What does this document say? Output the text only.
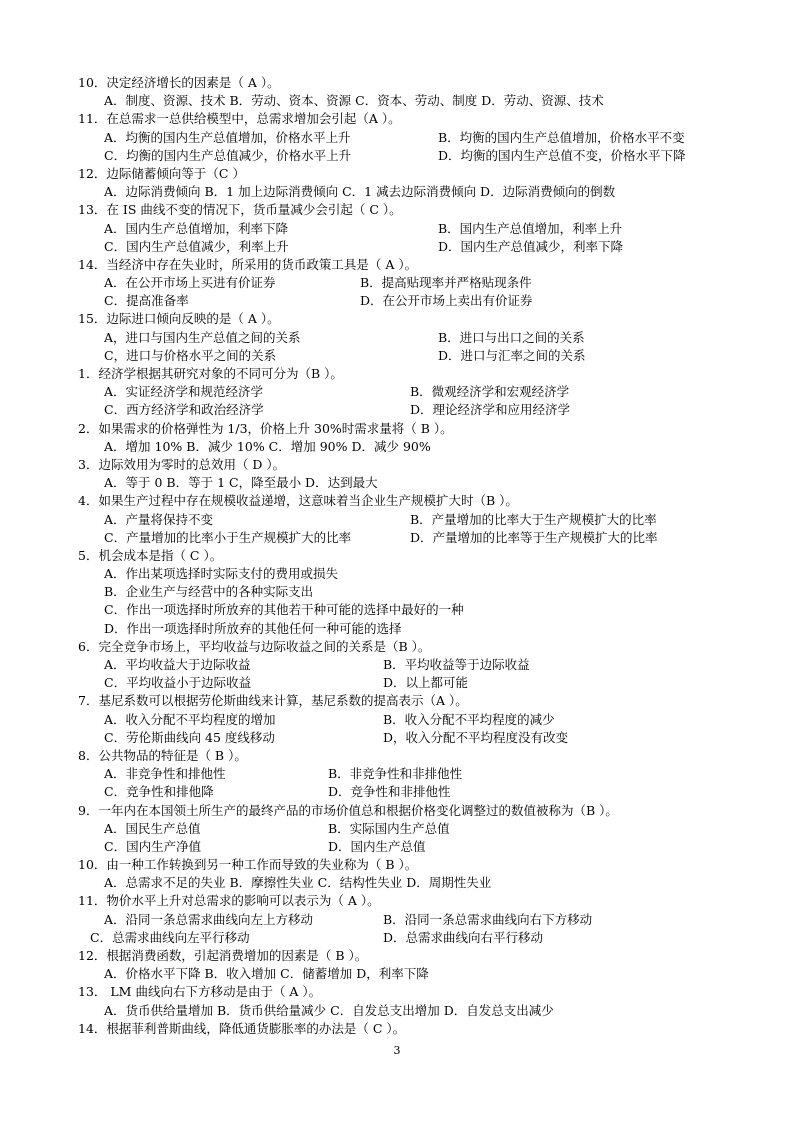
10．决定经济增长的因素是（ A ）。
A．制度、资源、技术 B．劳动、资本、资源 C．资本、劳动、制度 D．劳动、资源、技术
11．在总需求一总供给模型中，总需求增加会引起（A ）。
A．均衡的国内生产总值增加，价格水平上升	B．均衡的国内生产总值增加，价格水平不变
C．均衡的国内生产总值减少，价格水平上升	D．均衡的国内生产总值不变，价格水平下降
12．边际储蓄倾向等于（C ）
A．边际消费倾向 B．1 加上边际消费倾向 C．1 减去边际消费倾向 D．边际消费倾向的倒数
13．在 IS 曲线不变的情况下，货币量减少会引起（ C ）。
A．国内生产总值增加，利率下降	B．国内生产总值增加，利率上升
C．国内生产总值减少，利率上升	D．国内生产总值减少，利率下降
14．当经济中存在失业时，所采用的货币政策工具是（ A ）。
A．在公开市场上买进有价证券	B．提高贴现率并严格贴现条件
C．提高准备率	D．在公开市场上卖出有价证券
15．边际进口倾向反映的是（ A ）。
A，进口与国内生产总值之间的关系	B．进口与出口之间的关系
C，进口与价格水平之间的关系	D．进口与汇率之间的关系
1．经济学根据其研究对象的不同可分为（B ）。
A．实证经济学和规范经济学	B．微观经济学和宏观经济学
C．西方经济学和政治经济学	D．理论经济学和应用经济学
2．如果需求的价格弹性为 1/3，价格上升 30%时需求量将（ B ）。
A．增加 10% B．减少 10% C．增加 90% D．减少 90%
3．边际效用为零时的总效用（ D ）。
A．等于 0 B．等于 1 C，降至最小 D．达到最大
4．如果生产过程中存在规模收益递增，这意味着当企业生产规模扩大时（B ）。
A．产量将保持不变	B．产量增加的比率大于生产规模扩大的比率
C．产量增加的比率小于生产规模扩大的比率	D．产量增加的比率等于生产规模扩大的比率
5．机会成本是指（ C ）。
A．作出某项选择时实际支付的费用或损失
B．企业生产与经营中的各种实际支出
C．作出一项选择时所放弃的其他若干种可能的选择中最好的一种
D．作出一项选择时所放弃的其他任何一种可能的选择
6．完全竞争市场上，平均收益与边际收益之间的关系是（B ）。
A．平均收益大于边际收益	B．平均收益等于边际收益
C．平均收益小于边际收益	D．以上都可能
7．基尼系数可以根据劳伦斯曲线来计算，基尼系数的提高表示（A ）。
A．收入分配不平均程度的增加	B．收入分配不平均程度的减少
C．劳伦斯曲线向 45 度线移动	D，收入分配不平均程度没有改变
8．公共物品的特征是（ B ）。
A．非竞争性和排他性	B．非竞争性和非排他性
C．竞争性和排他降	D．竞争性和非排他性
9．一年内在本国领土所生产的最终产品的市场价值总和根据价格变化调整过的数值被称为（B ）。
A．国民生产总值	B．实际国内生产总值
C．国内生产净值	D．国内生产总值
10．由一种工作转换到另一种工作而导致的失业称为（ B ）。
A．总需求不足的失业 B．摩擦性失业 C．结构性失业 D．周期性失业
11．物价水平上升对总需求的影响可以表示为（ A ）。
A．沿同一条总需求曲线向左上方移动	B．沿同一条总需求曲线向右下方移动
C．总需求曲线向左平行移动	D．总需求曲线向右平行移动
12．根据消费函数，引起消费增加的因素是（ B ）。
A．价格水平下降 B．收入增加 C．储蓄增加 D，利率下降
13． LM 曲线向右下方移动是由于（ A ）。
A．货币供给量增加 B．货币供给量减少 C．自发总支出增加 D．自发总支出减少
14．根据菲利普斯曲线，降低通货膨胀率的办法是（ C ）。
3
